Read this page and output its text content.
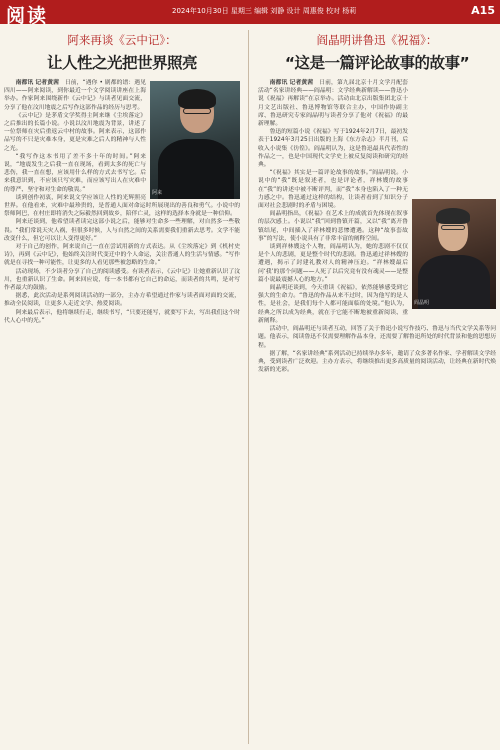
阅读	2024年10月30日 星期三 编辑 刘静 设计 周惠俊 校对 杨莉	A15
阿来再谈《云中记》：
让人性之光把世界照亮
阿来

南都讯 记者黄茜　 日前，“遇你 • 剧都的谱：遇见四川——阿来阅读，到你最近一个文学阅读讲座在上海举办。作家阿来围绕新作《云中记》与读者见面交流，分享了他在汶川地震之后写作这部作品的经历与思考。

《云中记》是茅盾文学奖得主阿来继《尘埃落定》之后推出的长篇小说。小说以汶川地震为背景，讲述了一位祭师在灾后重返云中村的故事。阿来表示，这部作品写的不只是灾难本身，更是灾难之后人的精神与人性之光。

“我写作这本书用了差不多十年的时间。”阿来说，“地震发生之后我一直在现场，看到太多的死亡与悲伤，我一直在想，应该用什么样的方式去书写它。后来我意识到，不应该只写灾难，而应该写出人在灾难中的尊严、坚守和对生命的敬畏。”

谈到创作初衷，阿来说文学应该让人性的光辉照亮世界。在他看来，灾难中最珍贵的，是普通人面对命运时所展现出的善良和勇气。小说中的祭师阿巴，在村庄即将消失之际毅然回到故乡，陪伴亡灵，这样的选择本身就是一种信仰。

阿来还谈到，他希望读者读完这部小说之后，能够对生命多一些理解，对自然多一些敬畏。“我们常说天灾人祸，但很多时候，人与自然之间的关系需要我们重新去思考。文学不能改变什么，但它可以让人变得更好。”

对于自己的创作，阿来说自己一直在尝试用新的方式表达。从《尘埃落定》到《机村史诗》，再到《云中记》，他始终关注时代变迁中的个人命运，关注普通人的生活与情感。“写作就是在寻找一种可能性，让更多的人看见那些被忽略的生命。”

活动现场，不少读者分享了自己的阅读感受。有读者表示，《云中记》让她重新认识了汶川，也重新认识了生命。阿来回应说，每一本书都有它自己的命运，而读者的共鸣，是对写作者最大的鼓励。

据悉，此次活动是系列阅读活动的一部分，主办方希望通过作家与读者面对面的交流，推动全民阅读，让更多人走近文学、热爱阅读。

阿来最后表示，他将继续行走，继续书写，“只要还能写，就要写下去，写出我们这个时代人心中的光。”

阎晶明讲鲁迅《祝福》：
“这是一篇评论故事的故事”
阎晶明

南都讯 记者黄茜　 日前，第九届北京十月文学月配套活动“名家讲经典——阎晶明：文学经典新解读——鲁迅小说《祝福》再解读”在京举办。活动由北京出版集团北京十月文艺出版社、鲁迅博物馆等联合主办，中国作协副主席、鲁迅研究专家阎晶明与读者分享了他对《祝福》的最新理解。

鲁迅的短篇小说《祝福》写于1924年2月7日，最初发表于1924年3月25日出版的上海《东方杂志》半月刊，后收入小说集《彷徨》。阎晶明认为，这是鲁迅最具代表性的作品之一，也是中国现代文学史上被反复阅读和研究的经典。

“《祝福》其实是一篇评论故事的故事。”阎晶明说。小说中的“我”既是叙述者，也是评论者，祥林嫂的故事在“我”的讲述中被不断评判，而“我”本身也陷入了一种无力感之中。鲁迅通过这样的结构，让读者看到了知识分子面对社会悲剧时的矛盾与困境。

阎晶明指出，《祝福》在艺术上的成就首先体现在叙事的层次感上。小说以“我”回到鲁镇开篇，又以“我”离开鲁镇结尾，中间插入了祥林嫂的悲惨遭遇。这种“故事套故事”的写法，使小说具有了非常丰富的阐释空间。

谈到祥林嫂这个人物，阎晶明认为，她的悲剧不仅仅是个人的悲剧，更是整个时代的悲剧。鲁迅通过祥林嫂的遭遇，揭示了封建礼教对人的精神压迫。“祥林嫂最后问‘我’的那个问题——人死了以后究竟有没有魂灵——是整篇小说最震撼人心的地方。”

阎晶明还谈到，今天重读《祝福》，依然能够感受到它强大的生命力。“鲁迅的作品从来不过时，因为他写的是人性，是社会，是我们每个人都可能面临的处境。”他认为，经典之所以成为经典，就在于它能不断地被重新阅读、重新阐释。

活动中，阎晶明还与读者互动，回答了关于鲁迅小说写作技巧、鲁迅与当代文学关系等问题。他表示，阅读鲁迅不仅需要理解作品本身，还需要了解鲁迅所处的时代背景和他的思想历程。

据了解，“名家讲经典”系列活动已持续举办多年，邀请了众多著名作家、学者解读文学经典，受到读者广泛欢迎。主办方表示，将继续推出更多高质量的阅读活动，让经典在新时代焕发新的光彩。
